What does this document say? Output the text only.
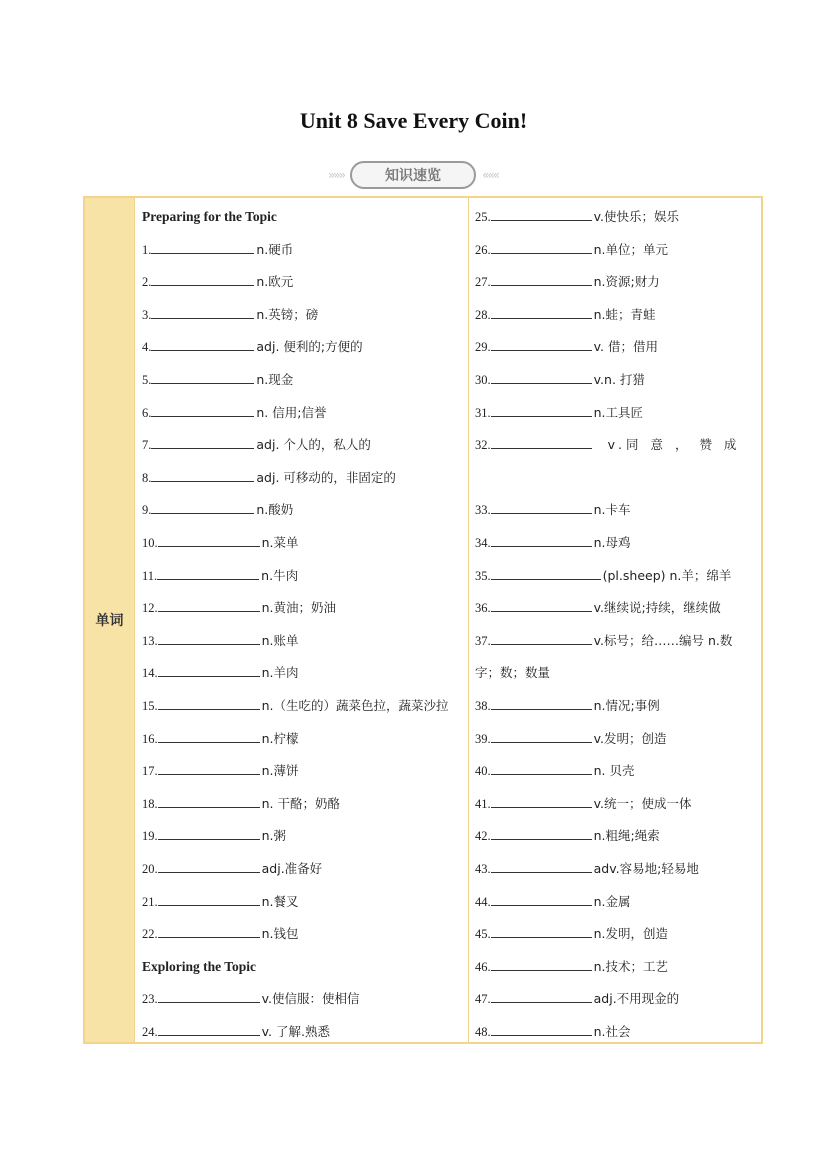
Unit 8 Save Every Coin!
»»»	知识速览	«««
单词
Preparing for the Topic
1.	n.硬币
2.	n.欧元
3.	n.英镑；磅
4.	adj. 便利的;方便的
5.	n.现金
6.	n. 信用;信誉
7.	adj. 个人的，私人的
8.	adj. 可移动的，非固定的
9.	n.酸奶
10.	n.菜单
11.	n.牛肉
12.	n.黄油；奶油
13.	n.账单
14.	n.羊肉
15.	n.（生吃的）蔬菜色拉，蔬菜沙拉
16.	n.柠檬
17.	n.薄饼
18.	n. 干酪；奶酪
19.	n.粥
20.	adj.准备好
21.	n.餐叉
22.	n.钱包
23.	v.使信服：使相信
24.	v. 了解.熟悉
Exploring the Topic
25.	v.使快乐；娱乐
26.	n.单位；单元
27.	n.资源;财力
28.	n.蛙；青蛙
29.	v. 借；借用
30.	v.n. 打猎
31.	n.工具匠
32.	v.同 意 ， 赞 成
33.	n.卡车
34.	n.母鸡
35.	(pl.sheep) n.羊；绵羊
36.	v.继续说;持续，继续做
37.	v.标号；给……编号 n.数
字；数；数量
38.	n.情况;事例
39.	v.发明；创造
40.	n. 贝壳
41.	v.统一；使成一体
42.	n.粗绳;绳索
43.	adv.容易地;轻易地
44.	n.金属
45.	n.发明，创造
46.	n.技术；工艺
47.	adj.不用现金的
48.	n.社会
